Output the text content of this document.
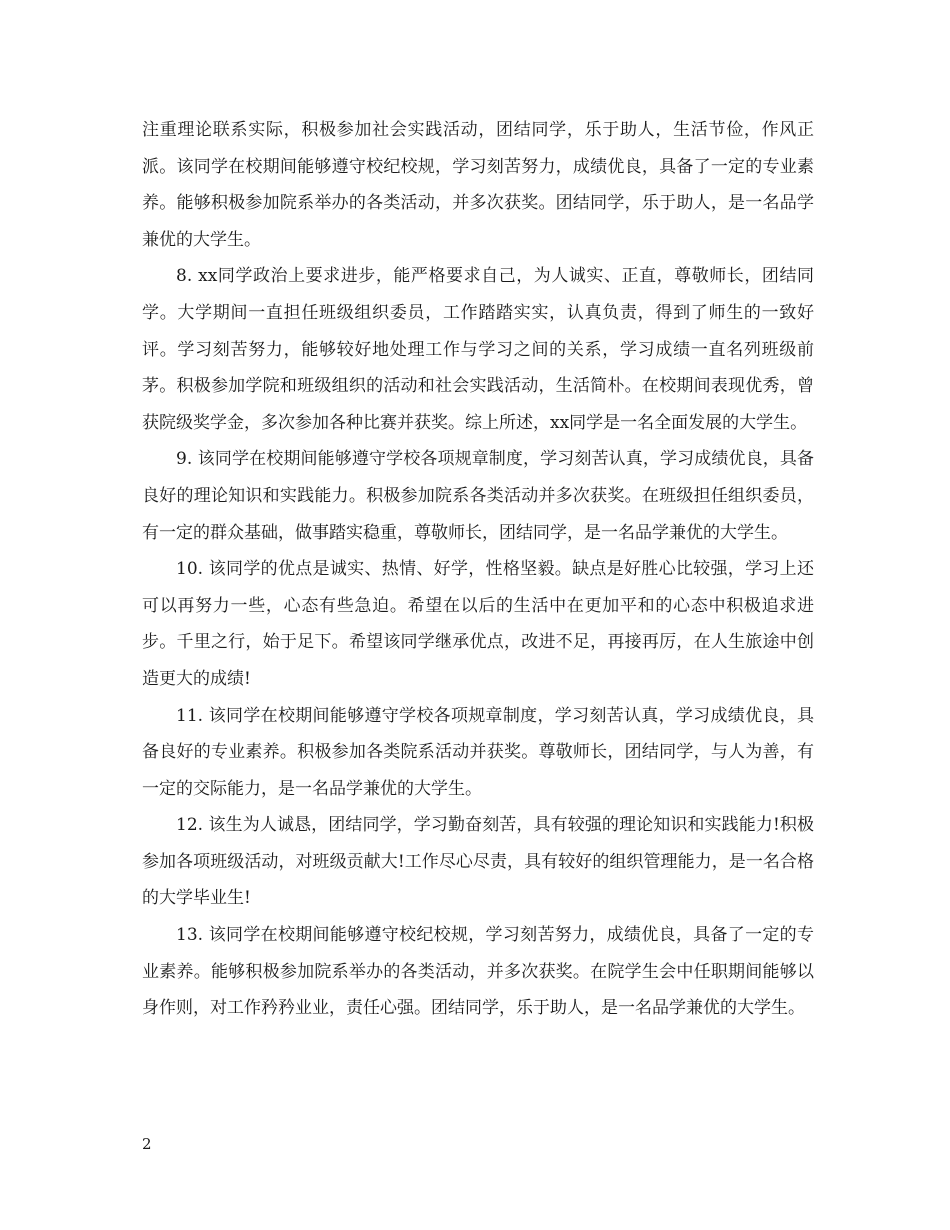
注重理论联系实际，积极参加社会实践活动，团结同学，乐于助人，生活节俭，作风正派。该同学在校期间能够遵守校纪校规，学习刻苦努力，成绩优良，具备了一定的专业素养。能够积极参加院系举办的各类活动，并多次获奖。团结同学，乐于助人，是一名品学兼优的大学生。

8. xx同学政治上要求进步，能严格要求自己，为人诚实、正直，尊敬师长，团结同学。大学期间一直担任班级组织委员，工作踏踏实实，认真负责，得到了师生的一致好评。学习刻苦努力，能够较好地处理工作与学习之间的关系，学习成绩一直名列班级前茅。积极参加学院和班级组织的活动和社会实践活动，生活简朴。在校期间表现优秀，曾获院级奖学金，多次参加各种比赛并获奖。综上所述，xx同学是一名全面发展的大学生。

9. 该同学在校期间能够遵守学校各项规章制度，学习刻苦认真，学习成绩优良，具备良好的理论知识和实践能力。积极参加院系各类活动并多次获奖。在班级担任组织委员，有一定的群众基础，做事踏实稳重，尊敬师长，团结同学，是一名品学兼优的大学生。

10. 该同学的优点是诚实、热情、好学，性格坚毅。缺点是好胜心比较强，学习上还可以再努力一些，心态有些急迫。希望在以后的生活中在更加平和的心态中积极追求进步。千里之行，始于足下。希望该同学继承优点，改进不足，再接再厉，在人生旅途中创造更大的成绩!

11. 该同学在校期间能够遵守学校各项规章制度，学习刻苦认真，学习成绩优良，具备良好的专业素养。积极参加各类院系活动并获奖。尊敬师长，团结同学，与人为善，有一定的交际能力，是一名品学兼优的大学生。

12. 该生为人诚恳，团结同学，学习勤奋刻苦，具有较强的理论知识和实践能力!积极参加各项班级活动，对班级贡献大!工作尽心尽责，具有较好的组织管理能力，是一名合格的大学毕业生!

13. 该同学在校期间能够遵守校纪校规，学习刻苦努力，成绩优良，具备了一定的专业素养。能够积极参加院系举办的各类活动，并多次获奖。在院学生会中任职期间能够以身作则，对工作矜矜业业，责任心强。团结同学，乐于助人，是一名品学兼优的大学生。

2
